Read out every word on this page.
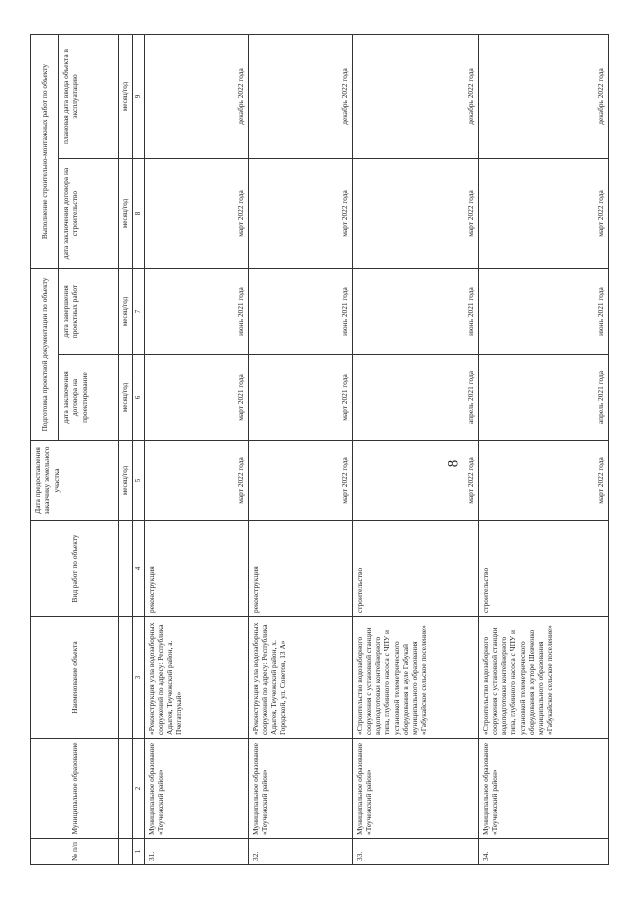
8
№ п/п	Муниципальное образование	Наименование объекта	Вид работ по объекту	Дата предоставления заказчику земельного участка	Подготовка проектной документации по объекту		Выполнение строительно-монтажных работ по объекту	
					дата заключения договора на проектирование	дата завершения проектных работ	дата заключения договора на строительство	плановая дата ввода объекта в эксплуатацию
				месяц/год	месяц/год	месяц/год	месяц/год	месяц/год
1	2	3	4	5	6	7	8	9
31.	Муниципальное образование «Теучежский район»	«Реконструкция узла водозаборных сооружений по адресу: Республика Адыгея, Теучежский район, а. Пчегатлукай»	реконструкция	март 2022 года	март 2021 года	июнь 2021 года	март 2022 года	декабрь 2022 года
32.	Муниципальное образование «Теучежский район»	«Реконструкция узла водозаборных сооружений по адресу: Республика Адыгея, Теучежский район, х. Городской, ул. Советов, 13 А»	реконструкция	март 2022 года	март 2021 года	июнь 2021 года	март 2022 года	декабрь 2022 года
33.	Муниципальное образование «Теучежский район»	«Строительство водозаборного сооружения с установкой станции водоподготовки контейнерного типа, глубинного насоса с ЧПУ и установкой телеметрического оборудования в ауле Габукай муниципального образования «Габукайское сельское поселение»	строительство	март 2022 года	апрель 2021 года	июнь 2021 года	март 2022 года	декабрь 2022 года
34.	Муниципальное образование «Теучежский район»	«Строительство водозаборного сооружения с установкой станции водоподготовки контейнерного типа, глубинного насоса с ЧПУ и установкой телеметрического оборудования в хуторе Шевченко муниципального образования «Габукайское сельское поселение»	строительство	март 2022 года	апрель 2021 года	июнь 2021 года	март 2022 года	декабрь 2022 года
